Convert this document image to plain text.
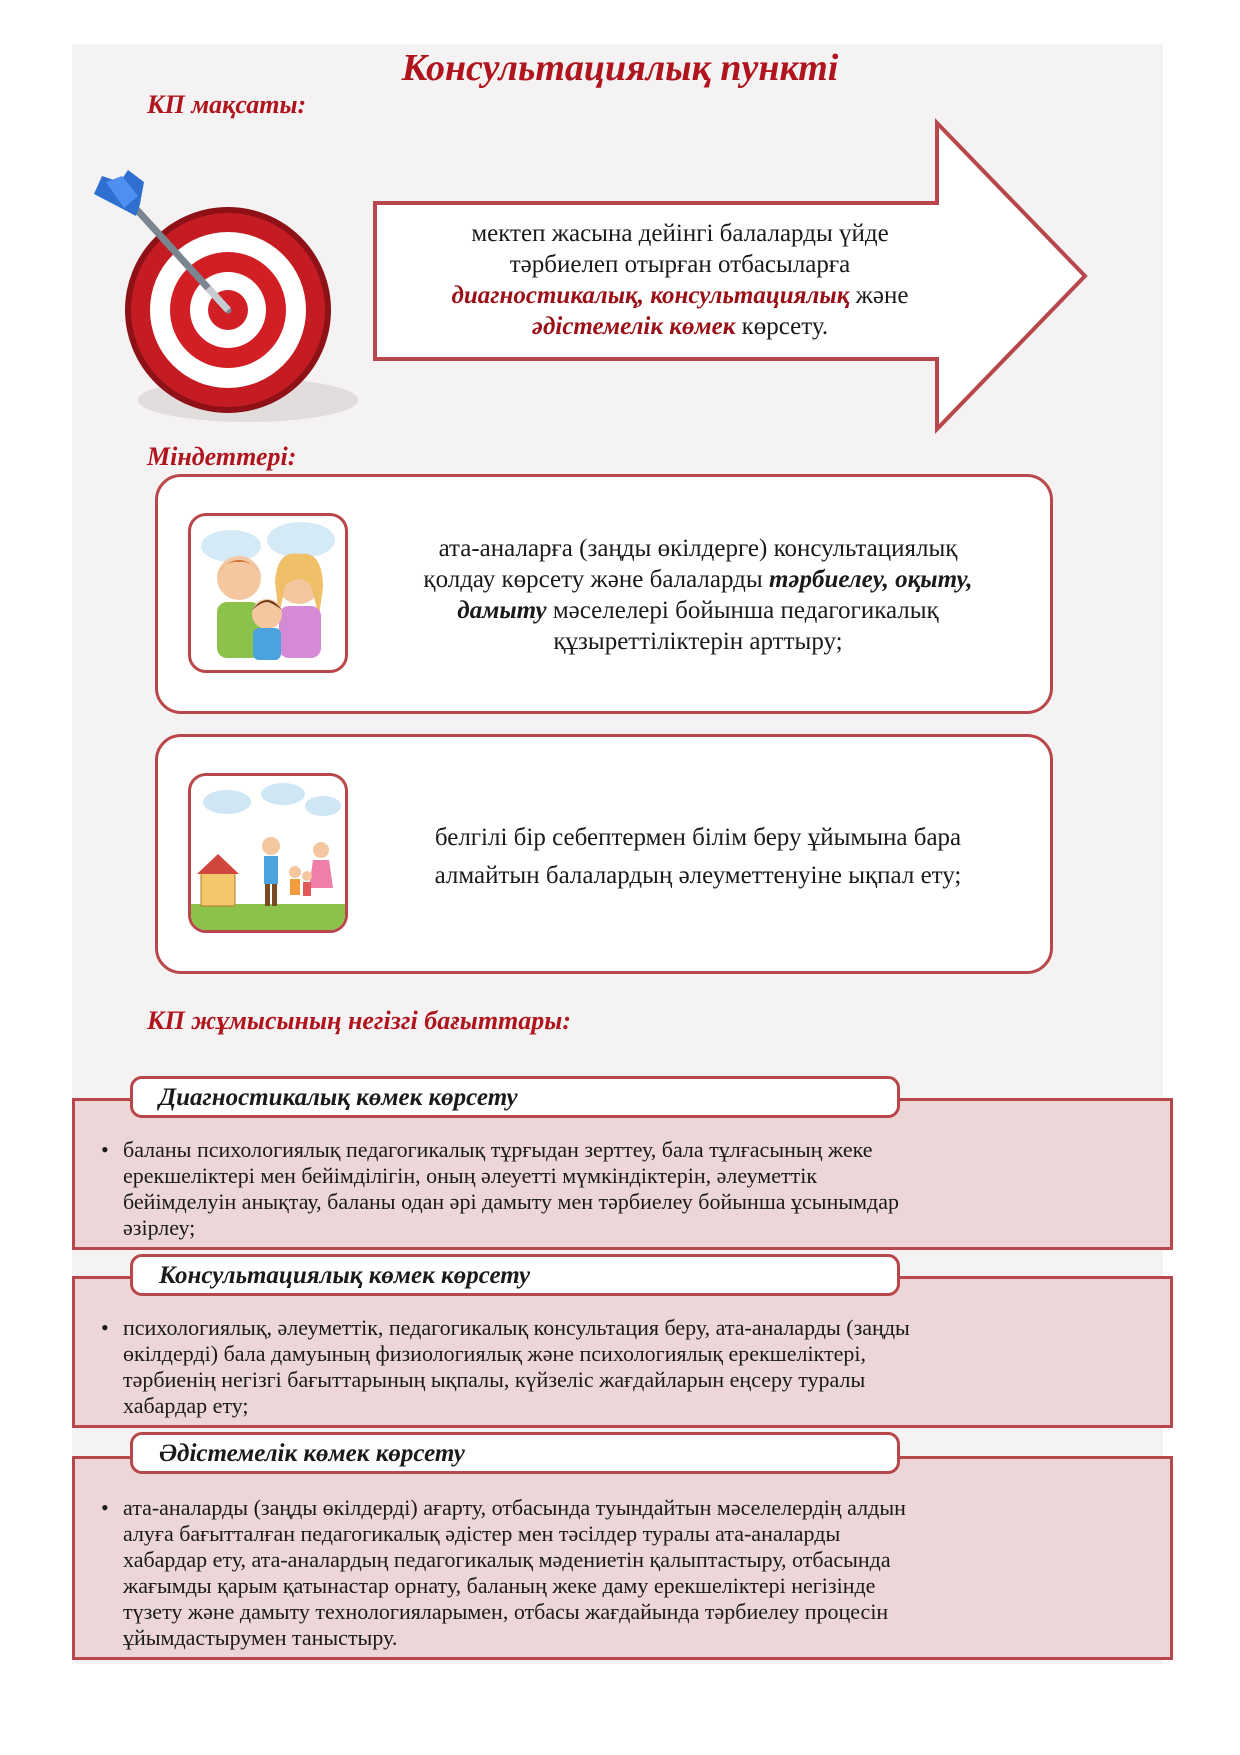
Консультациялық пункті
КП мақсаты:
мектеп жасына дейінгі балаларды үйде
тәрбиелеп отырған отбасыларға
диагностикалық, консультациялық және
әдістемелік көмек көрсету.
Міндеттері:
ата-аналарға (заңды өкілдерге) консультациялық
қолдау көрсету және балаларды тәрбиелеу, оқыту,
дамыту мәселелері бойынша педагогикалық
құзыреттіліктерін арттыру;
белгілі бір себептермен білім беру ұйымына бара
алмайтын балалардың әлеуметтенуіне ықпал ету;
КП жұмысының негізгі бағыттары:
• баланы психологиялық педагогикалық тұрғыдан зерттеу, бала тұлғасының жеке
ерекшеліктері мен бейімділігін, оның әлеуетті мүмкіндіктерін, әлеуметтік
бейімделуін анықтау, баланы одан әрі дамыту мен тәрбиелеу бойынша ұсынымдар
әзірлеу;
Диагностикалық көмек көрсету
• психологиялық, әлеуметтік, педагогикалық консультация беру, ата-аналарды (заңды
өкілдерді) бала дамуының физиологиялық және психологиялық ерекшеліктері,
тәрбиенің негізгі бағыттарының ықпалы, күйзеліс жағдайларын еңсеру туралы
хабардар ету;
Консультациялық көмек көрсету
• ата-аналарды (заңды өкілдерді) ағарту, отбасында туындайтын мәселелердің алдын
алуға бағытталған педагогикалық әдістер мен тәсілдер туралы ата-аналарды
хабардар ету, ата-аналардың педагогикалық мәдениетін қалыптастыру, отбасында
жағымды қарым қатынастар орнату, баланың жеке даму ерекшеліктері негізінде
түзету және дамыту технологияларымен, отбасы жағдайында тәрбиелеу процесін
ұйымдастырумен таныстыру.
Әдістемелік көмек көрсету
